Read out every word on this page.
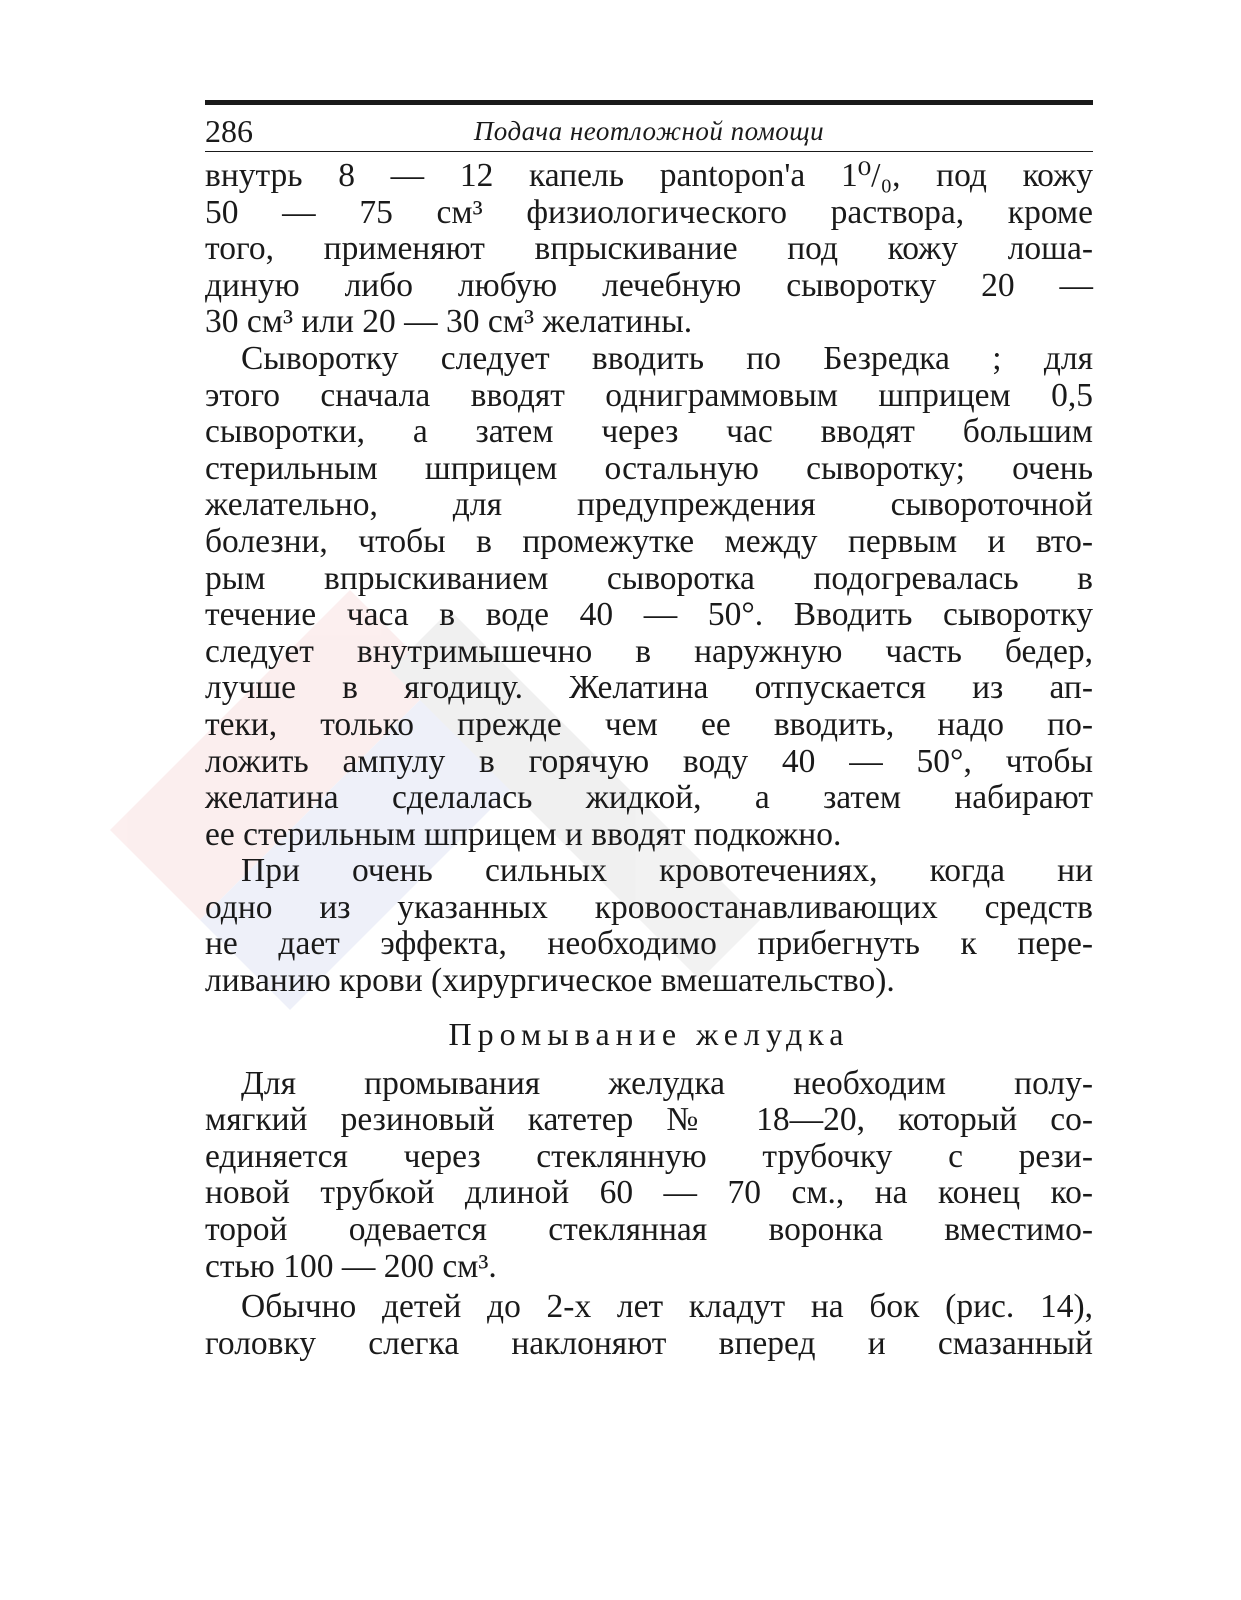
286	Подача неотложной помощи
внутрь 8 — 12 капель pantopon'a 1⁰/₀, под кожу
50 — 75 см³ физиологического раствора, кроме
того, применяют впрыскивание под кожу лоша-
диную либо любую лечебную сыворотку 20 —
30 см³ или 20 — 30 см³ желатины.
Сыворотку следует вводить по Безредка ; для
этого сначала вводят одниграммовым шприцем 0,5
сыворотки, а затем через час вводят большим
стерильным шприцем остальную сыворотку; очень
желательно, для предупреждения сывороточной
болезни, чтобы в промежутке между первым и вто-
рым впрыскиванием сыворотка подогревалась в
течение часа в воде 40 — 50°. Вводить сыворотку
следует внутримышечно в наружную часть бедер,
лучше в ягодицу. Желатина отпускается из ап-
теки, только прежде чем ее вводить, надо по-
ложить ампулу в горячую воду 40 — 50°, чтобы
желатина сделалась жидкой, а затем набирают
ее стерильным шприцем и вводят подкожно.
При очень сильных кровотечениях, когда ни
одно из указанных кровоостанавливающих средств
не дает эффекта, необходимо прибегнуть к пере-
ливанию крови (хирургическое вмешательство).
Промывание желудка
Для промывания желудка необходим полу-
мягкий резиновый катетер № 18—20, который со-
единяется через стеклянную трубочку с рези-
новой трубкой длиной 60 — 70 см., на конец ко-
торой одевается стеклянная воронка вместимо-
стью 100 — 200 см³.
Обычно детей до 2-х лет кладут на бок (рис. 14),
головку слегка наклоняют вперед и смазанный
